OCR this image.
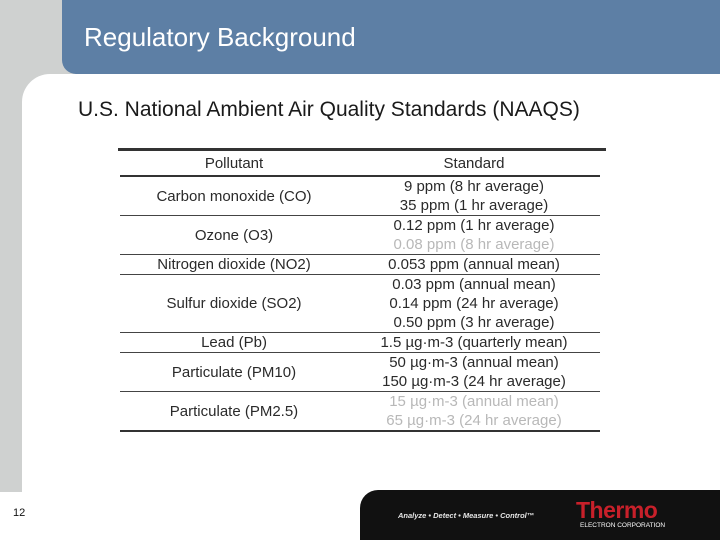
Regulatory Background
U.S. National Ambient Air Quality Standards (NAAQS)
Pollutant	Standard
Carbon monoxide (CO)	9 ppm (8 hr average)
35 ppm (1 hr average)

Ozone (O3)	0.12 ppm (1 hr average)
0.08 ppm (8 hr average)

Nitrogen dioxide (NO2)	0.053 ppm (annual mean)

Sulfur dioxide (SO2)	0.03 ppm (annual mean)
0.14 ppm (24 hr average)
0.50 ppm (3 hr average)

Lead (Pb)	1.5 µg·m-3 (quarterly mean)

Particulate (PM10)	50 µg·m-3 (annual mean)
150 µg·m-3 (24 hr average)

Particulate (PM2.5)	15 µg·m-3 (annual mean)
65 µg·m-3 (24 hr average)
12	Analyze • Detect • Measure • Control™ Thermo
ELECTRON CORPORATION
